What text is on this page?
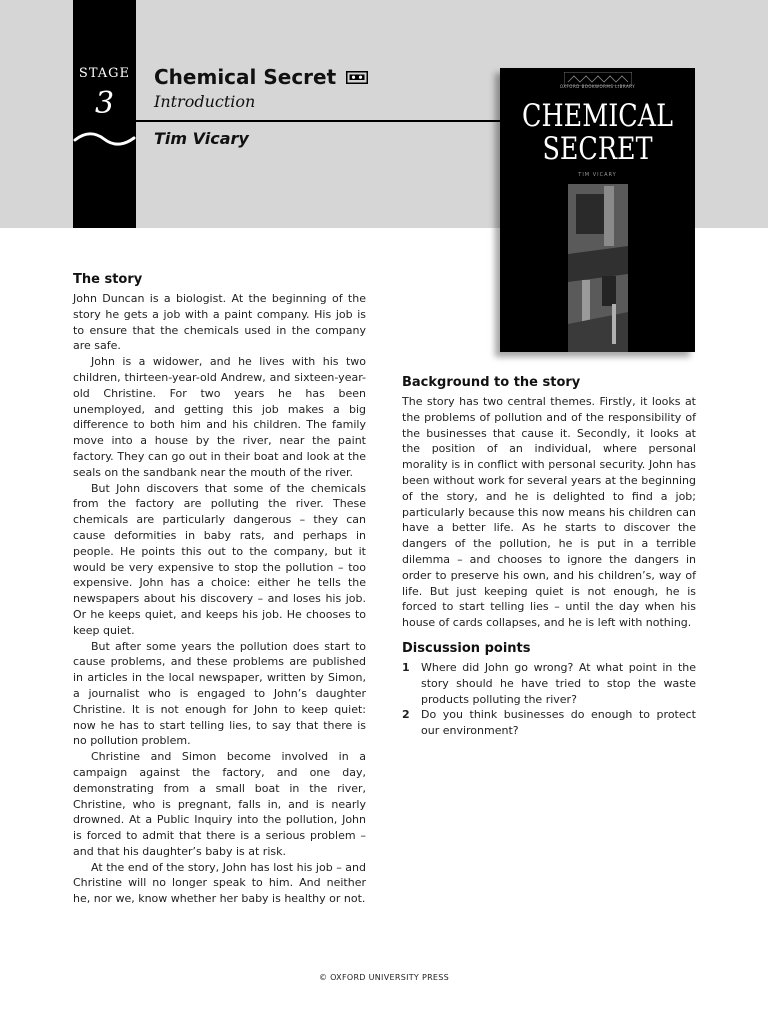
STAGE
3
Chemical Secret
Introduction
Tim Vicary
OXFORD BOOKWORMS LIBRARY
CHEMICAL
SECRET
TIM VICARY
The story

John Duncan is a biologist. At the beginning of the story he gets a job with a paint company. His job is to ensure that the chemicals used in the company are safe.

John is a widower, and he lives with his two children, thirteen-year-old Andrew, and sixteen-year-old Christine. For two years he has been unemployed, and getting this job makes a big difference to both him and his children. The family move into a house by the river, near the paint factory. They can go out in their boat and look at the seals on the sandbank near the mouth of the river.

But John discovers that some of the chemicals from the factory are polluting the river. These chemicals are particularly dangerous – they can cause deformities in baby rats, and perhaps in people. He points this out to the company, but it would be very expensive to stop the pollution – too expensive. John has a choice: either he tells the newspapers about his discovery – and loses his job. Or he keeps quiet, and keeps his job. He chooses to keep quiet.

But after some years the pollution does start to cause problems, and these problems are published in articles in the local newspaper, written by Simon, a journalist who is engaged to John’s daughter Christine. It is not enough for John to keep quiet: now he has to start telling lies, to say that there is no pollution problem.

Christine and Simon become involved in a campaign against the factory, and one day, demonstrating from a small boat in the river, Christine, who is pregnant, falls in, and is nearly drowned. At a Public Inquiry into the pollution, John is forced to admit that there is a serious problem – and that his daughter’s baby is at risk.

At the end of the story, John has lost his job – and Christine will no longer speak to him. And neither he, nor we, know whether her baby is healthy or not.

Background to the story

The story has two central themes. Firstly, it looks at the problems of pollution and of the responsibility of the businesses that cause it. Secondly, it looks at the position of an individual, where personal morality is in conflict with personal security. John has been without work for several years at the beginning of the story, and he is delighted to find a job; particularly because this now means his children can have a better life. As he starts to discover the dangers of the pollution, he is put in a terrible dilemma – and chooses to ignore the dangers in order to preserve his own, and his children’s, way of life. But just keeping quiet is not enough, he is forced to start telling lies – until the day when his house of cards collapses, and he is left with nothing.

Discussion points
1	Where did John go wrong? At what point in the story should he have tried to stop the waste products polluting the river?
2	Do you think businesses do enough to protect our environment?
© OXFORD UNIVERSITY PRESS
